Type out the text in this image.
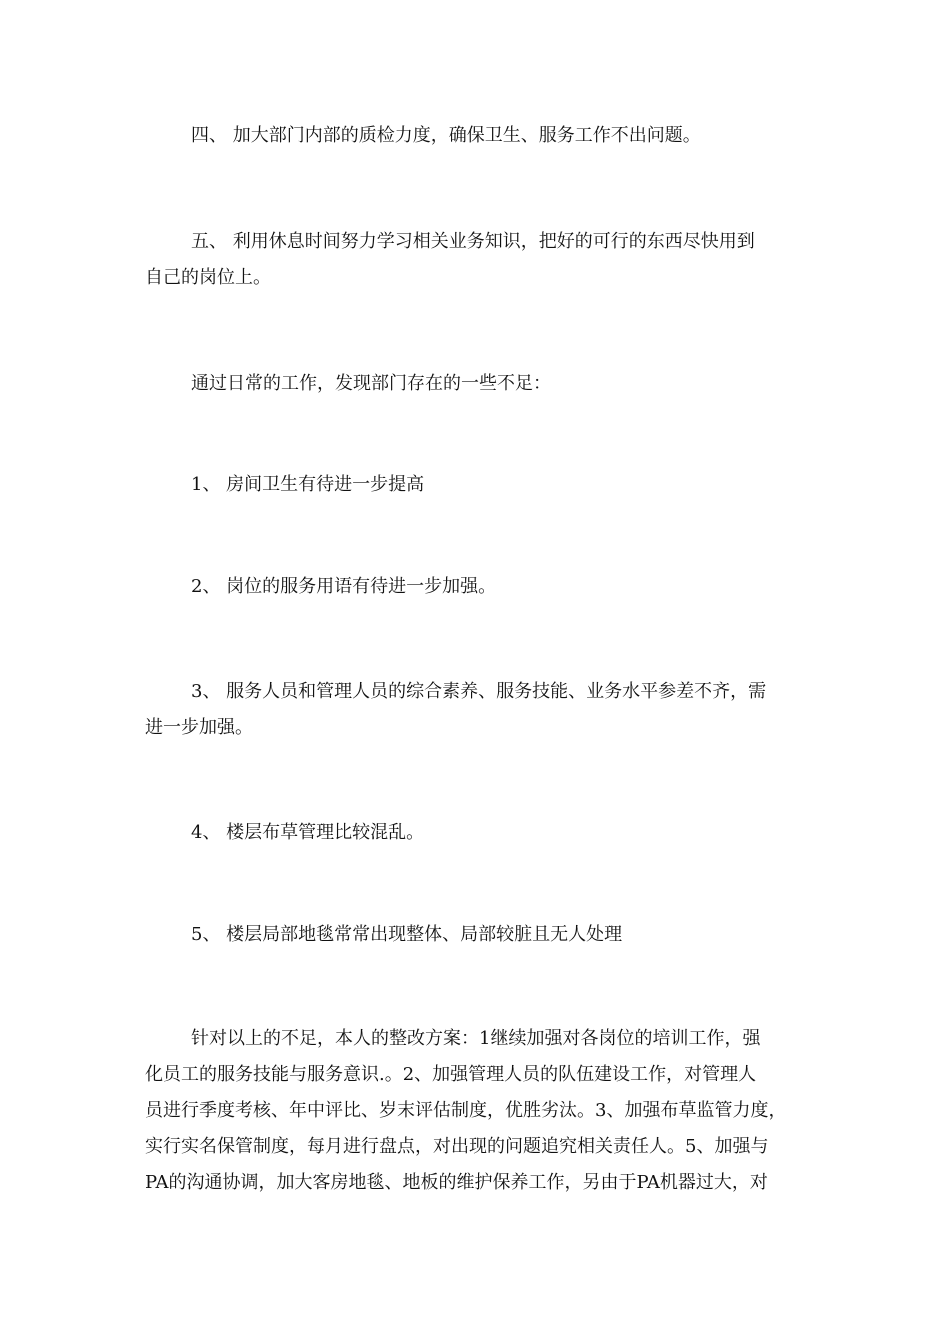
四、 加大部门内部的质检力度，确保卫生、服务工作不出问题。

五、 利用休息时间努力学习相关业务知识，把好的可行的东西尽快用到
自己的岗位上。

通过日常的工作，发现部门存在的一些不足：

1、 房间卫生有待进一步提高

2、 岗位的服务用语有待进一步加强。

3、 服务人员和管理人员的综合素养、服务技能、业务水平参差不齐，需
进一步加强。

4、 楼层布草管理比较混乱。

5、 楼层局部地毯常常出现整体、局部较脏且无人处理

针对以上的不足，本人的整改方案：1继续加强对各岗位的培训工作，强
化员工的服务技能与服务意识.。2、加强管理人员的队伍建设工作，对管理人
员进行季度考核、年中评比、岁末评估制度，优胜劣汰。3、加强布草监管力度，
实行实名保管制度，每月进行盘点，对出现的问题追究相关责任人。5、加强与
PA的沟通协调，加大客房地毯、地板的维护保养工作，另由于PA机器过大，对
